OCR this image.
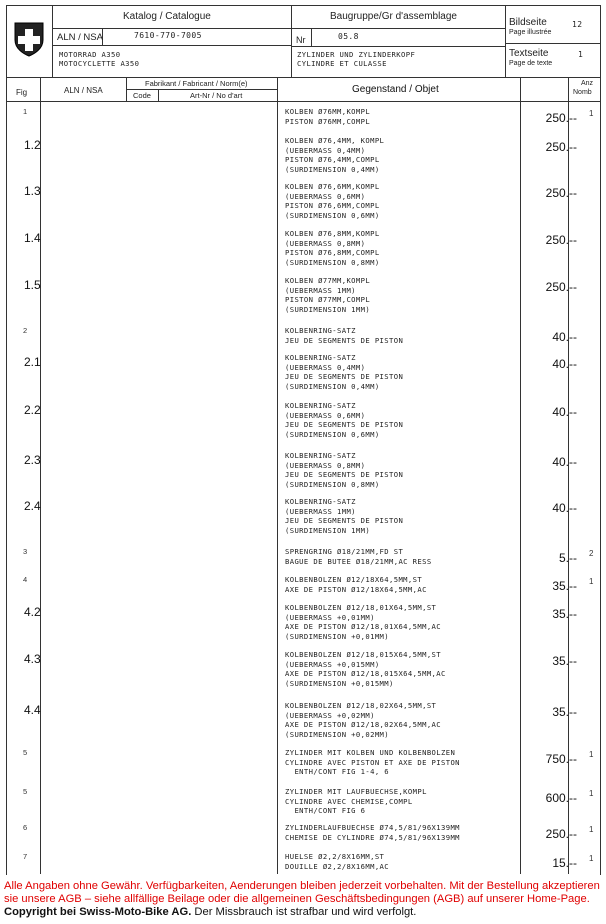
Katalog / Catalogue
ALN / NSA	7610-770-7005
MOTORRAD A350
MOTOCYCLETTE A350
Baugruppe/Gr d'assemblage
Nr	05.8
ZYLINDER UND ZYLINDERKOPF
CYLINDRE ET CULASSE
Bildseite	12
Page illustrée
Textseite	1
Page de texte
Fig	ALN / NSA
Fabrikant / Fabricant / Norm(e)
Code	Art-Nr / No d'art
Gegenstand / Objet
Anz
Nomb
1	KOLBEN Ø76MM,KOMPL
PISTON Ø76MM,COMPL	250.-- 1
1.2	KOLBEN Ø76,4MM, KOMPL
(UEBERMASS 0,4MM)
PISTON Ø76,4MM,COMPL
(SURDIMENSION 0,4MM)
250.--
1.3	KOLBEN Ø76,6MM,KOMPL
(UEBERMASS 0,6MM)
PISTON Ø76,6MM,COMPL
(SURDIMENSION 0,6MM)
250.--
1.4	KOLBEN Ø76,8MM,KOMPL
(UEBERMASS 0,8MM)
PISTON Ø76,8MM,COMPL
(SURDIMENSION 0,8MM)
250.--
1.5	KOLBEN Ø77MM,KOMPL
(UEBERMASS 1MM)
PISTON Ø77MM,COMPL
(SURDIMENSION 1MM)
250.--
2	KOLBENRING-SATZ
JEU DE SEGMENTS DE PISTON	40.--
2.1	KOLBENRING-SATZ
(UEBERMASS 0,4MM)
JEU DE SEGMENTS DE PISTON
(SURDIMENSION 0,4MM)
40.--
2.2	KOLBENRING-SATZ
(UEBERMASS 0,6MM)
JEU DE SEGMENTS DE PISTON
(SURDIMENSION 0,6MM)
40.--
2.3	KOLBENRING-SATZ
(UEBERMASS 0,8MM)
JEU DE SEGMENTS DE PISTON
(SURDIMENSION 0,8MM)
40.--
2.4	KOLBENRING-SATZ
(UEBERMASS 1MM)
JEU DE SEGMENTS DE PISTON
(SURDIMENSION 1MM)
40.--
3	SPRENGRING Ø18/21MM,FD ST
BAGUE DE BUTEE Ø18/21MM,AC RESS	5.-- 2
4	KOLBENBOLZEN Ø12/18X64,5MM,ST
AXE DE PISTON Ø12/18X64,5MM,AC	35.-- 1
4.2	KOLBENBOLZEN Ø12/18,01X64,5MM,ST
(UEBERMASS +0,01MM)
AXE DE PISTON Ø12/18,01X64,5MM,AC
(SURDIMENSION +0,01MM)
35.--
4.3	KOLBENBOLZEN Ø12/18,015X64,5MM,ST
(UEBERMASS +0,015MM)
AXE DE PISTON Ø12/18,015X64,5MM,AC
(SURDIMENSION +0,015MM)
35.--
4.4	KOLBENBOLZEN Ø12/18,02X64,5MM,ST
(UEBERMASS +0,02MM)
AXE DE PISTON Ø12/18,02X64,5MM,AC
(SURDIMENSION +0,02MM)
35.--
5	ZYLINDER MIT KOLBEN UND KOLBENBOLZEN
CYLINDRE AVEC PISTON ET AXE DE PISTON
ENTH/CONT FIG 1-4, 6
750.-- 1
5	ZYLINDER MIT LAUFBUECHSE,KOMPL
CYLINDRE AVEC CHEMISE,COMPL
ENTH/CONT FIG 6
600.-- 1
6	ZYLINDERLAUFBUECHSE Ø74,5/81/96X139MM
CHEMISE DE CYLINDRE Ø74,5/81/96X139MM	250.-- 1
7	HUELSE Ø2,2/8X16MM,ST
DOUILLE Ø2,2/8X16MM,AC	15.-- 1
Alle Angaben ohne Gewähr. Verfügbarkeiten, Aenderungen bleiben jederzeit vorbehalten. Mit der Bestellung akzeptieren sie unsere AGB – siehe allfällige Beilage oder die allgemeinen Geschäftsbedingungen (AGB) auf unserer Home-Page. Copyright bei Swiss-Moto-Bike AG. Der Missbrauch ist strafbar und wird verfolgt.
